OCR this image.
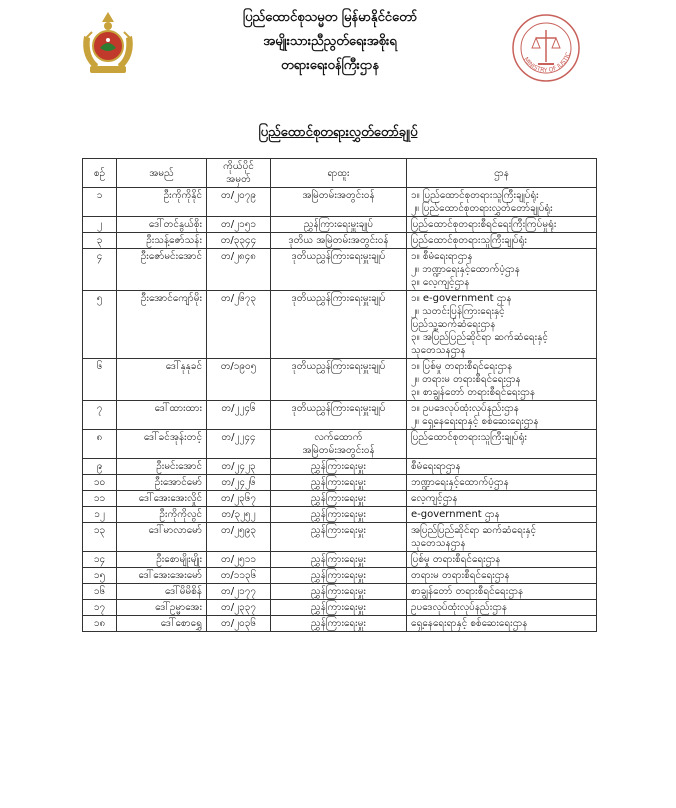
ပြည်ထောင်စုသမ္မတ မြန်မာနိုင်ငံတော်
အမျိုးသားညီညွတ်ရေးအစိုးရ
တရားရေးဝန်ကြီးဌာန	MINISTRY OF JUSTIC
ပြည်ထောင်စုတရားလွှတ်တော်ချုပ်
စဉ်	အမည်	ကိုယ်ပိုင်
အမှတ်	ရာထူး	ဌာန

၁	ဦးကိုကိုနိုင်	တ/၂၀၇၉	အမြဲတမ်းအတွင်းဝန်	၁။ ပြည်ထောင်စုတရားသူကြီးချုပ်ရုံး
၂။ ပြည်ထောင်စုတရားလွှတ်တော်ချုပ်ရုံး

၂	ဒေါ်တင်နွယ်စိုး	တ/၂၁၅၁	ညွှန်ကြားရေးမှူးချုပ်	ပြည်ထောင်စုတရားစီရင်ရေးကြီးကြပ်မှုရုံး

၃	ဦးသန့်ဇော်သန်း	တ/၃၃၄၄	ဒုတိယ အမြဲတမ်းအတွင်းဝန်	ပြည်ထောင်စုတရားသူကြီးချုပ်ရုံး

၄	ဦးဇော်မင်းအောင်	တ/၂၈၄၈	ဒုတိယညွှန်ကြားရေးမှူးချုပ်	၁။ စီမံရေးရာဌာန
၂။ ဘဏ္ဍာရေးနှင့်ထောက်ပံ့ဌာန
၃။ လေ့ကျင့်ဌာန

၅	ဦးအောင်ကျော်မိုး	တ/၂၆၇၃	ဒုတိယညွှန်ကြားရေးမှူးချုပ်	၁။ e-government ဌာန
၂။ သတင်းပြန်ကြားရေးနှင့်
ပြည်သူ့ဆက်ဆံရေးဌာန
၃။ အပြည်ပြည်ဆိုင်ရာ ဆက်ဆံရေးနှင့်
သုတေသနဌာန

၆	ဒေါ်နုနုခင်	တ/၁၉၀၅	ဒုတိယညွှန်ကြားရေးမှူးချုပ်	၁။ ပြစ်မှု တရားစီရင်ရေးဌာန
၂။ တရားမ တရားစီရင်ရေးဌာန
၃။ စာချွန်တော် တရားစီရင်ရေးဌာန

၇	ဒေါ်ထားထား	တ/၂၂၄၆	ဒုတိယညွှန်ကြားရေးမှူးချုပ်	၁။ ဥပဒေလုပ်ထုံးလုပ်နည်းဌာန
၂။ ရှေ့နေရေးရာနှင့် စစ်ဆေးရေးဌာန

၈	ဒေါ်ခင်အုန်းတင့်	တ/၂၂၄၄	လက်ထောက်
အမြဲတမ်းအတွင်းဝန်	ပြည်ထောင်စုတရားသူကြီးချုပ်ရုံး

၉	ဦးမင်းအောင်	တ/၂၄၂၃	ညွှန်ကြားရေးမှူး	စီမံရေးရာဌာန

၁၀	ဦးအောင်မော်	တ/၂၄၂၆	ညွှန်ကြားရေးမှူး	ဘဏ္ဍာရေးနှင့်ထောက်ပံ့ဌာန

၁၁	ဒေါ်အေးအေးလှိုင်	တ/၂၃၆၇	ညွှန်ကြားရေးမှူး	လေ့ကျင့်ဌာန

၁၂	ဦးကိုကိုလွင်	တ/၃၂၅၂	ညွှန်ကြားရေးမှူး	e-government ဌာန

၁၃	ဒေါ်မာလာမော်	တ/၂၅၉၃	ညွှန်ကြားရေးမှူး	အပြည်ပြည်ဆိုင်ရာ ဆက်ဆံရေးနှင့်
သုတေသနဌာန

၁၄	ဦးစောမျိုးမျိုး	တ/၂၅၁၁	ညွှန်ကြားရေးမှူး	ပြစ်မှု တရားစီရင်ရေးဌာန

၁၅	ဒေါ်အေးအေးမော်	တ/၁၁၃၆	ညွှန်ကြားရေးမှူး	တရားမ တရားစီရင်ရေးဌာန

၁၆	ဒေါ်မိမိစိန်	တ/၂၁၇၇	ညွှန်ကြားရေးမှူး	စာချွန်တော် တရားစီရင်ရေးဌာန

၁၇	ဒေါ်ဥမ္မာအေး	တ/၂၃၃၇	ညွှန်ကြားရေးမှူး	ဥပဒေလုပ်ထုံးလုပ်နည်းဌာန

၁၈	ဒေါ်စောရွှေ	တ/၂၀၃၆	ညွှန်ကြားရေးမှူး	ရှေ့နေရေးရာနှင့် စစ်ဆေးရေးဌာန
